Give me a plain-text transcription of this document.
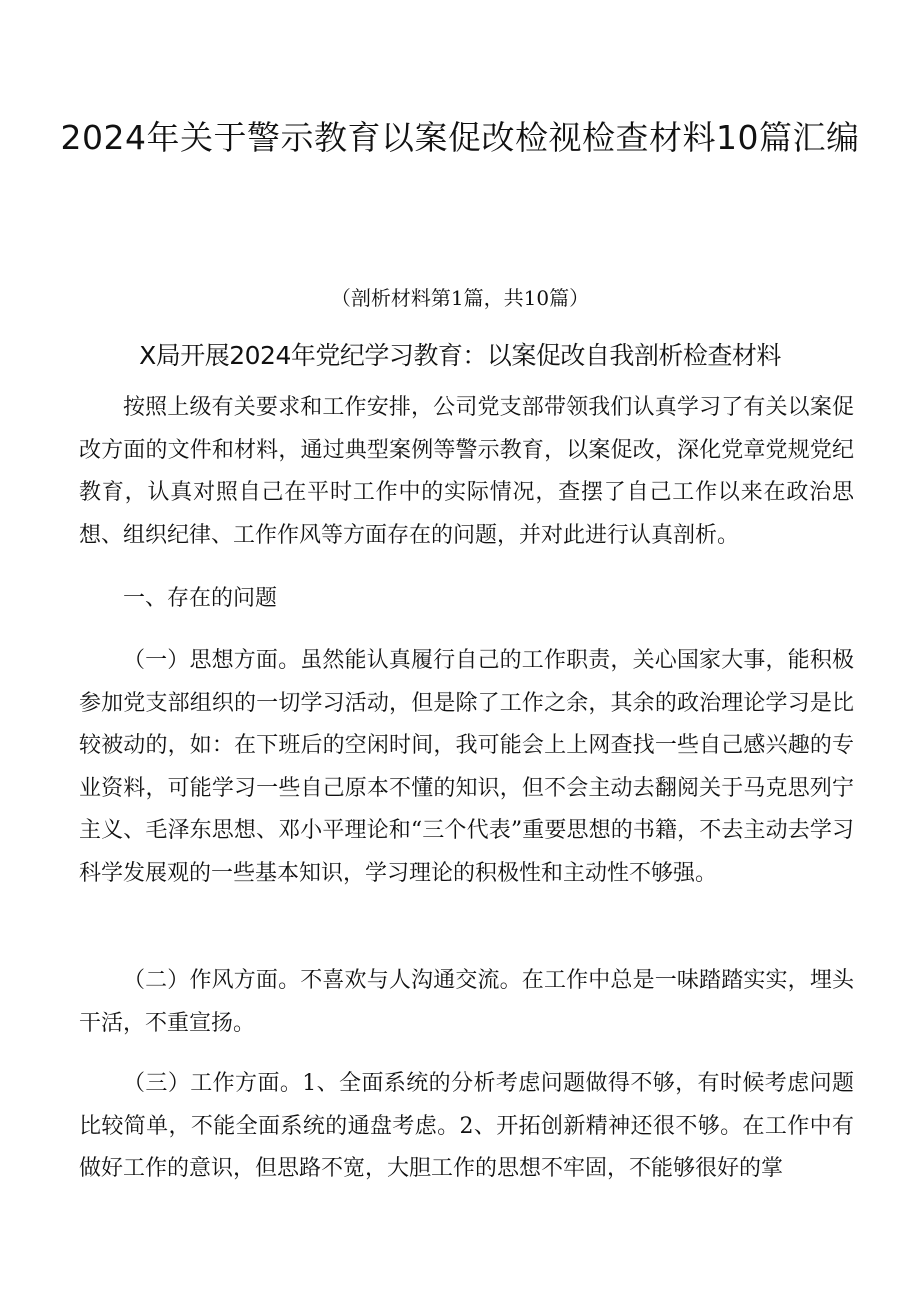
2024年关于警示教育以案促改检视检查材料10篇汇编
（剖析材料第1篇，共10篇）
X局开展2024年党纪学习教育：以案促改自我剖析检查材料

按照上级有关要求和工作安排，公司党支部带领我们认真学习了有关以案促改方面的文件和材料，通过典型案例等警示教育，以案促改，深化党章党规党纪教育，认真对照自己在平时工作中的实际情况，查摆了自己工作以来在政治思想、组织纪律、工作作风等方面存在的问题，并对此进行认真剖析。

一、存在的问题

（一）思想方面。虽然能认真履行自己的工作职责，关心国家大事，能积极参加党支部组织的一切学习活动，但是除了工作之余，其余的政治理论学习是比较被动的，如：在下班后的空闲时间，我可能会上上网查找一些自己感兴趣的专业资料，可能学习一些自己原本不懂的知识，但不会主动去翻阅关于马克思列宁主义、毛泽东思想、邓小平理论和“三个代表”重要思想的书籍，不去主动去学习科学发展观的一些基本知识，学习理论的积极性和主动性不够强。

（二）作风方面。不喜欢与人沟通交流。在工作中总是一味踏踏实实，埋头干活，不重宣扬。

（三）工作方面。1、全面系统的分析考虑问题做得不够，有时候考虑问题比较简单，不能全面系统的通盘考虑。2、开拓创新精神还很不够。在工作中有做好工作的意识，但思路不宽，大胆工作的思想不牢固，不能够很好的掌
